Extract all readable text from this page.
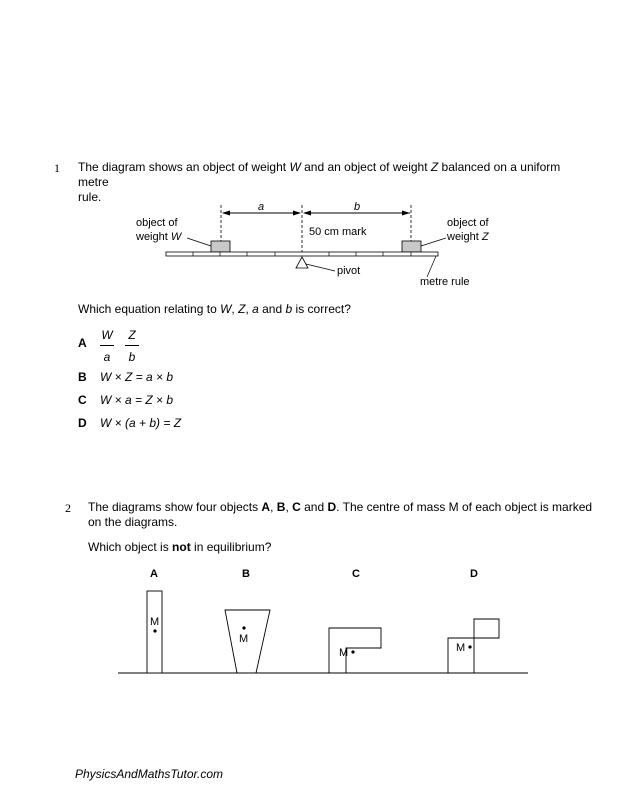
1 The diagram shows an object of weight W and an object of weight Z balanced on a uniform metre
rule.
a	b
object of
weight W
object of
weight Z
50 cm mark
pivot
metre rule
Which equation relating to W, Z, a and b is correct?
A
W
a
Z
b
B W × Z = a × b
C W × a = Z × b
D W × (a + b) = Z
2 The diagrams show four objects A, B, C and D. The centre of mass M of each object is marked
on the diagrams.
Which object is not in equilibrium?
A	B	C	D
M
M
M	M
PhysicsAndMathsTutor.com
